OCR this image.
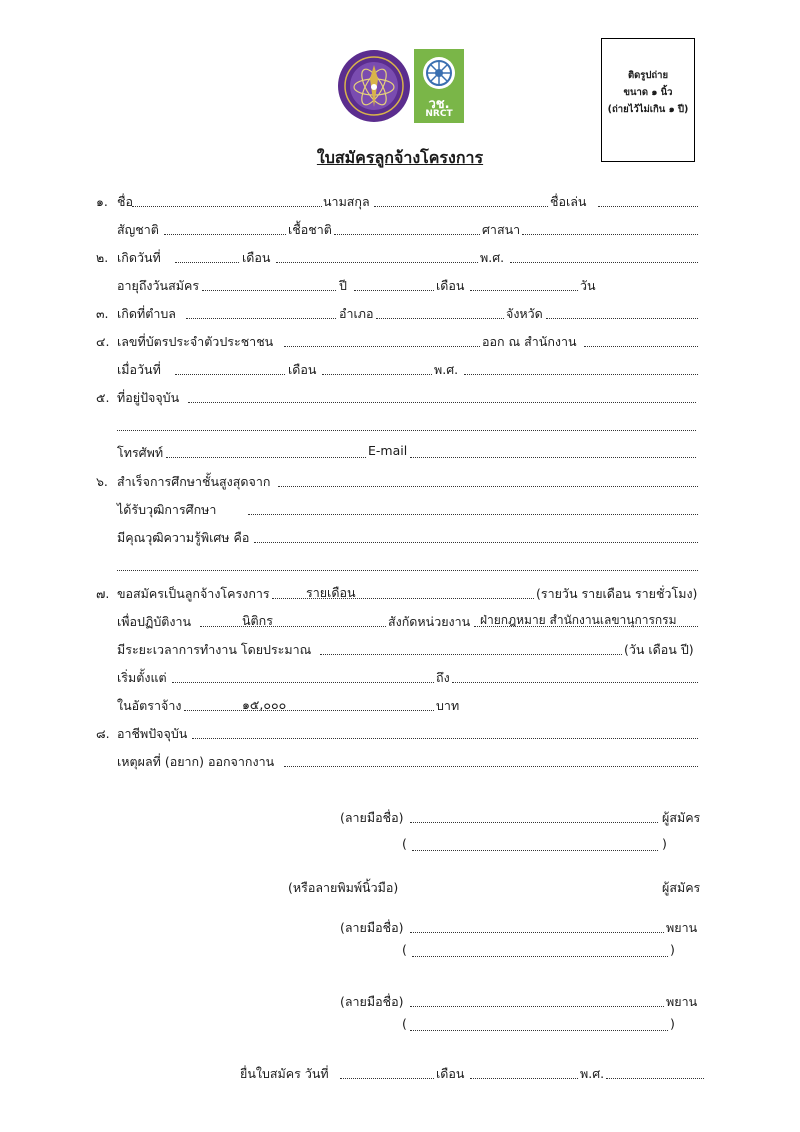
วช.
NRCT
ติดรูปถ่าย
ขนาด ๑ นิ้ว
(ถ่ายไว้ไม่เกิน ๑ ปี)
ใบสมัครลูกจ้างโครงการ
๑. ชื่อ	นามสกุล	ชื่อเล่น
สัญชาติ	เชื้อชาติ	ศาสนา
๒. เกิดวันที่	เดือน	พ.ศ.
อายุถึงวันสมัคร	ปี	เดือน	วัน
๓. เกิดที่ตำบล	อำเภอ	จังหวัด
๔. เลขที่บัตรประจำตัวประชาชน	ออก ณ สำนักงาน
เมื่อวันที่	เดือน	พ.ศ.
๕. ที่อยู่ปัจจุบัน
โทรศัพท์	E-mail
๖. สำเร็จการศึกษาชั้นสูงสุดจาก
ได้รับวุฒิการศึกษา
มีคุณวุฒิความรู้พิเศษ คือ
๗. ขอสมัครเป็นลูกจ้างโครงการ	รายเดือน	(รายวัน รายเดือน รายชั่วโมง)
เพื่อปฏิบัติงาน	นิติกร	สังกัดหน่วยงาน ฝ่ายกฎหมาย สำนักงานเลขานุการกรม
มีระยะเวลาการทำงาน โดยประมาณ	(วัน เดือน ปี)
เริ่มตั้งแต่	ถึง
ในอัตราจ้าง	๑๕,๐๐๐	บาท
๘. อาชีพปัจจุบัน
เหตุผลที่ (อยาก) ออกจากงาน
(ลายมือชื่อ)	ผู้สมัคร
(	)
(หรือลายพิมพ์นิ้วมือ)	ผู้สมัคร
(ลายมือชื่อ)	พยาน
(	)
(ลายมือชื่อ)	พยาน
(	)
ยื่นใบสมัคร วันที่	เดือน	พ.ศ.
